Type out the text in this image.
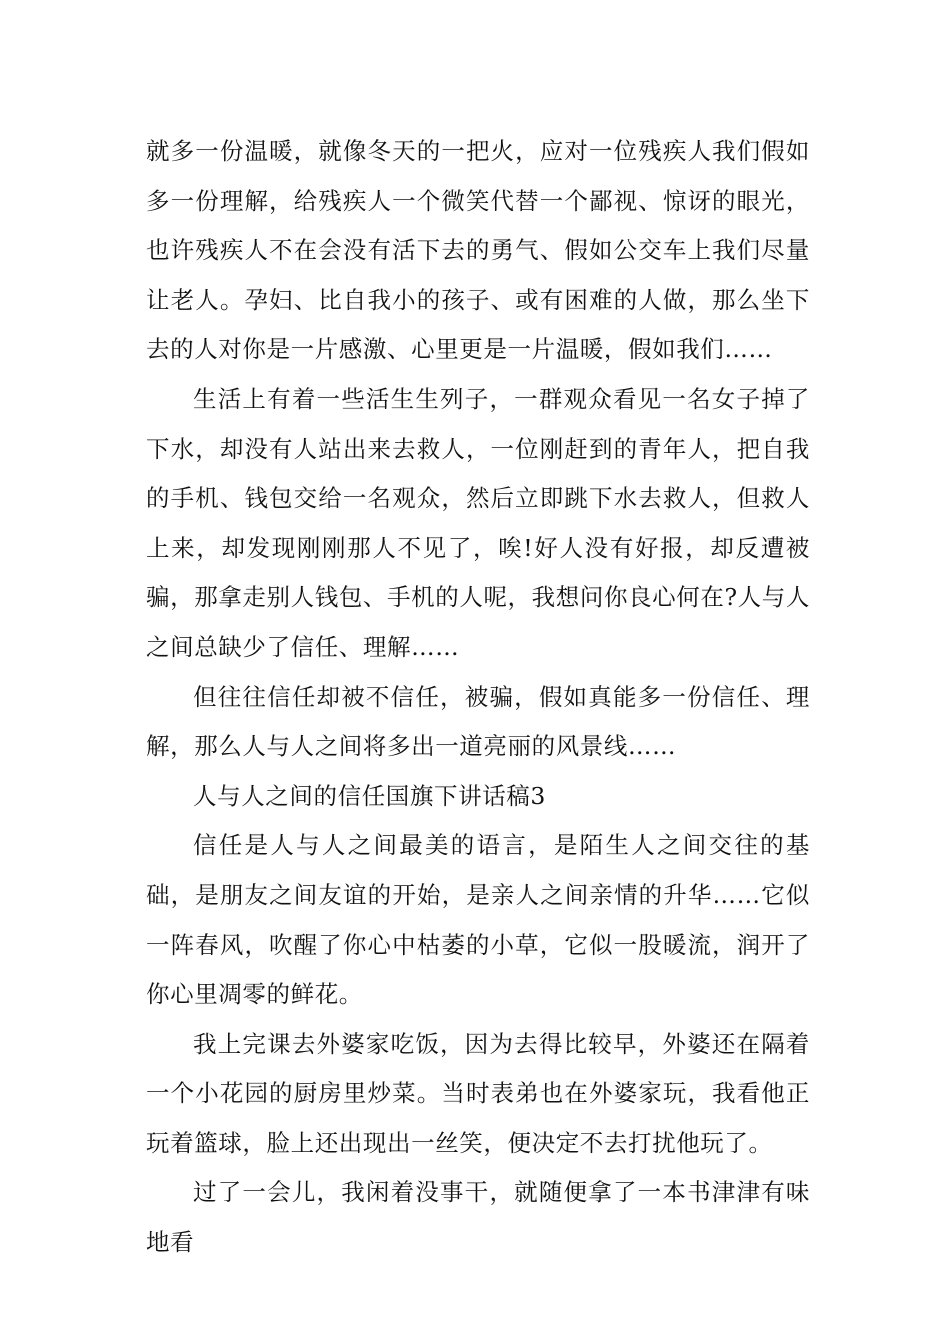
就多一份温暖，就像冬天的一把火，应对一位残疾人我们假如多一份理解，给残疾人一个微笑代替一个鄙视、惊讶的眼光，也许残疾人不在会没有活下去的勇气、假如公交车上我们尽量让老人。孕妇、比自我小的孩子、或有困难的人做，那么坐下去的人对你是一片感激、心里更是一片温暖，假如我们……

生活上有着一些活生生列子，一群观众看见一名女子掉了下水，却没有人站出来去救人，一位刚赶到的青年人，把自我的手机、钱包交给一名观众，然后立即跳下水去救人，但救人上来，却发现刚刚那人不见了，唉!好人没有好报，却反遭被骗，那拿走别人钱包、手机的人呢，我想问你良心何在?人与人之间总缺少了信任、理解……

但往往信任却被不信任，被骗，假如真能多一份信任、理解，那么人与人之间将多出一道亮丽的风景线……

人与人之间的信任国旗下讲话稿3

信任是人与人之间最美的语言，是陌生人之间交往的基础，是朋友之间友谊的开始，是亲人之间亲情的升华……它似一阵春风，吹醒了你心中枯萎的小草，它似一股暖流，润开了你心里凋零的鲜花。

我上完课去外婆家吃饭，因为去得比较早，外婆还在隔着一个小花园的厨房里炒菜。当时表弟也在外婆家玩，我看他正玩着篮球，脸上还出现出一丝笑，便决定不去打扰他玩了。

过了一会儿，我闲着没事干，就随便拿了一本书津津有味地看
